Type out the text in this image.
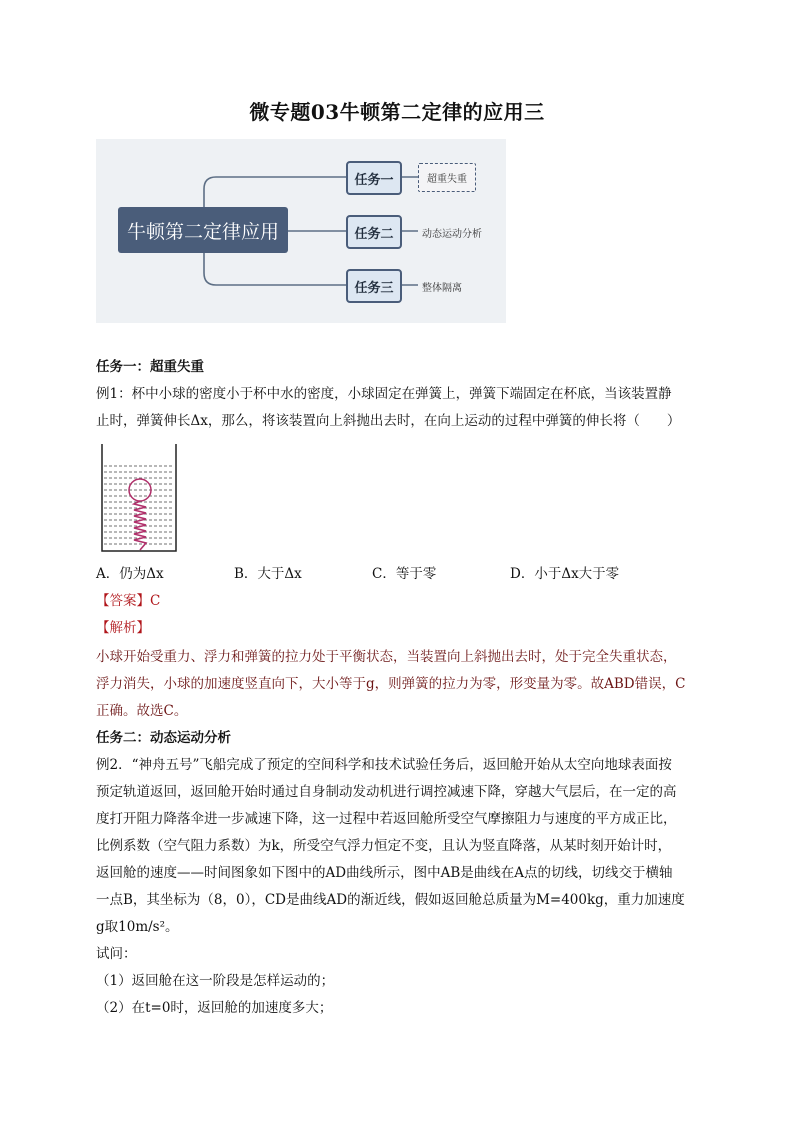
微专题03牛顿第二定律的应用三
牛顿第二定律应用
任务一	超重失重
任务二	动态运动分析
任务三	整体隔离
任务一：超重失重
例1：杯中小球的密度小于杯中水的密度，小球固定在弹簧上，弹簧下端固定在杯底，当该装置静
止时，弹簧伸长Δx，那么，将该装置向上斜抛出去时，在向上运动的过程中弹簧的伸长将（　　）
A．仍为Δx	B．大于Δx	C．等于零	D．小于Δx大于零
【答案】C
【解析】
小球开始受重力、浮力和弹簧的拉力处于平衡状态，当装置向上斜抛出去时，处于完全失重状态，
浮力消失，小球的加速度竖直向下，大小等于g，则弹簧的拉力为零，形变量为零。故ABD错误，C
正确。故选C。
任务二：动态运动分析
例2．“神舟五号”飞船完成了预定的空间科学和技术试验任务后，返回舱开始从太空向地球表面按
预定轨道返回，返回舱开始时通过自身制动发动机进行调控减速下降，穿越大气层后，在一定的高
度打开阻力降落伞进一步减速下降，这一过程中若返回舱所受空气摩擦阻力与速度的平方成正比，
比例系数（空气阻力系数）为k，所受空气浮力恒定不变，且认为竖直降落，从某时刻开始计时，
返回舱的速度——时间图象如下图中的AD曲线所示，图中AB是曲线在A点的切线，切线交于横轴
一点B，其坐标为（8，0），CD是曲线AD的渐近线，假如返回舱总质量为M=400kg，重力加速度
g取10m/s²。
试问：
（1）返回舱在这一阶段是怎样运动的；
（2）在t=0时，返回舱的加速度多大；
